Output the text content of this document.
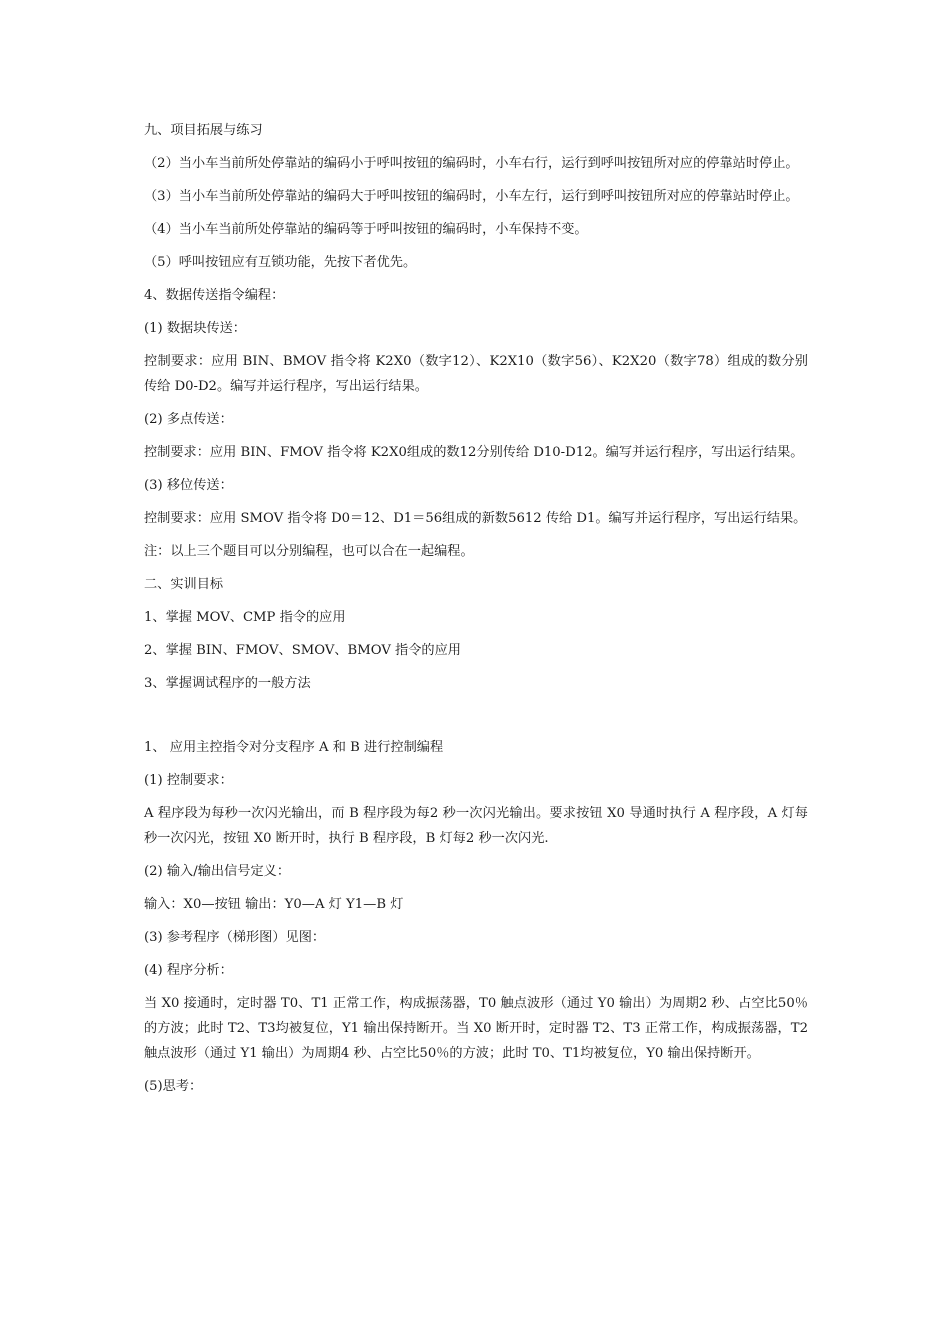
九、项目拓展与练习

（2）当小车当前所处停靠站的编码小于呼叫按钮的编码时，小车右行，运行到呼叫按钮所对应的停靠站时停止。

（3）当小车当前所处停靠站的编码大于呼叫按钮的编码时，小车左行，运行到呼叫按钮所对应的停靠站时停止。

（4）当小车当前所处停靠站的编码等于呼叫按钮的编码时，小车保持不变。

（5）呼叫按钮应有互锁功能，先按下者优先。

4、数据传送指令编程：

(1) 数据块传送：

控制要求：应用 BIN、BMOV 指令将 K2X0（数字12）、K2X10（数字56）、K2X20（数字78）组成的数分别传给 D0-D2。编写并运行程序，写出运行结果。

(2) 多点传送：

控制要求：应用 BIN、FMOV 指令将 K2X0组成的数12分别传给 D10-D12。编写并运行程序，写出运行结果。

(3) 移位传送：

控制要求：应用 SMOV 指令将 D0＝12、D1＝56组成的新数5612 传给 D1。编写并运行程序，写出运行结果。

注：以上三个题目可以分别编程，也可以合在一起编程。

二、实训目标

1、掌握 MOV、CMP 指令的应用

2、掌握 BIN、FMOV、SMOV、BMOV 指令的应用

3、掌握调试程序的一般方法

1、 应用主控指令对分支程序 A 和 B 进行控制编程

(1) 控制要求：

A 程序段为每秒一次闪光输出，而 B 程序段为每2 秒一次闪光输出。要求按钮 X0 导通时执行 A 程序段，A 灯每秒一次闪光，按钮 X0 断开时，执行 B 程序段，B 灯每2 秒一次闪光.

(2) 输入/输出信号定义：

输入：X0—按钮 输出：Y0—A 灯 Y1—B 灯

(3) 参考程序（梯形图）见图：

(4) 程序分析：

当 X0 接通时，定时器 T0、T1 正常工作，构成振荡器，T0 触点波形（通过 Y0 输出）为周期2 秒、占空比50％的方波；此时 T2、T3均被复位，Y1 输出保持断开。当 X0 断开时，定时器 T2、T3 正常工作，构成振荡器，T2 触点波形（通过 Y1 输出）为周期4 秒、占空比50％的方波；此时 T0、T1均被复位，Y0 输出保持断开。

(5)思考：
